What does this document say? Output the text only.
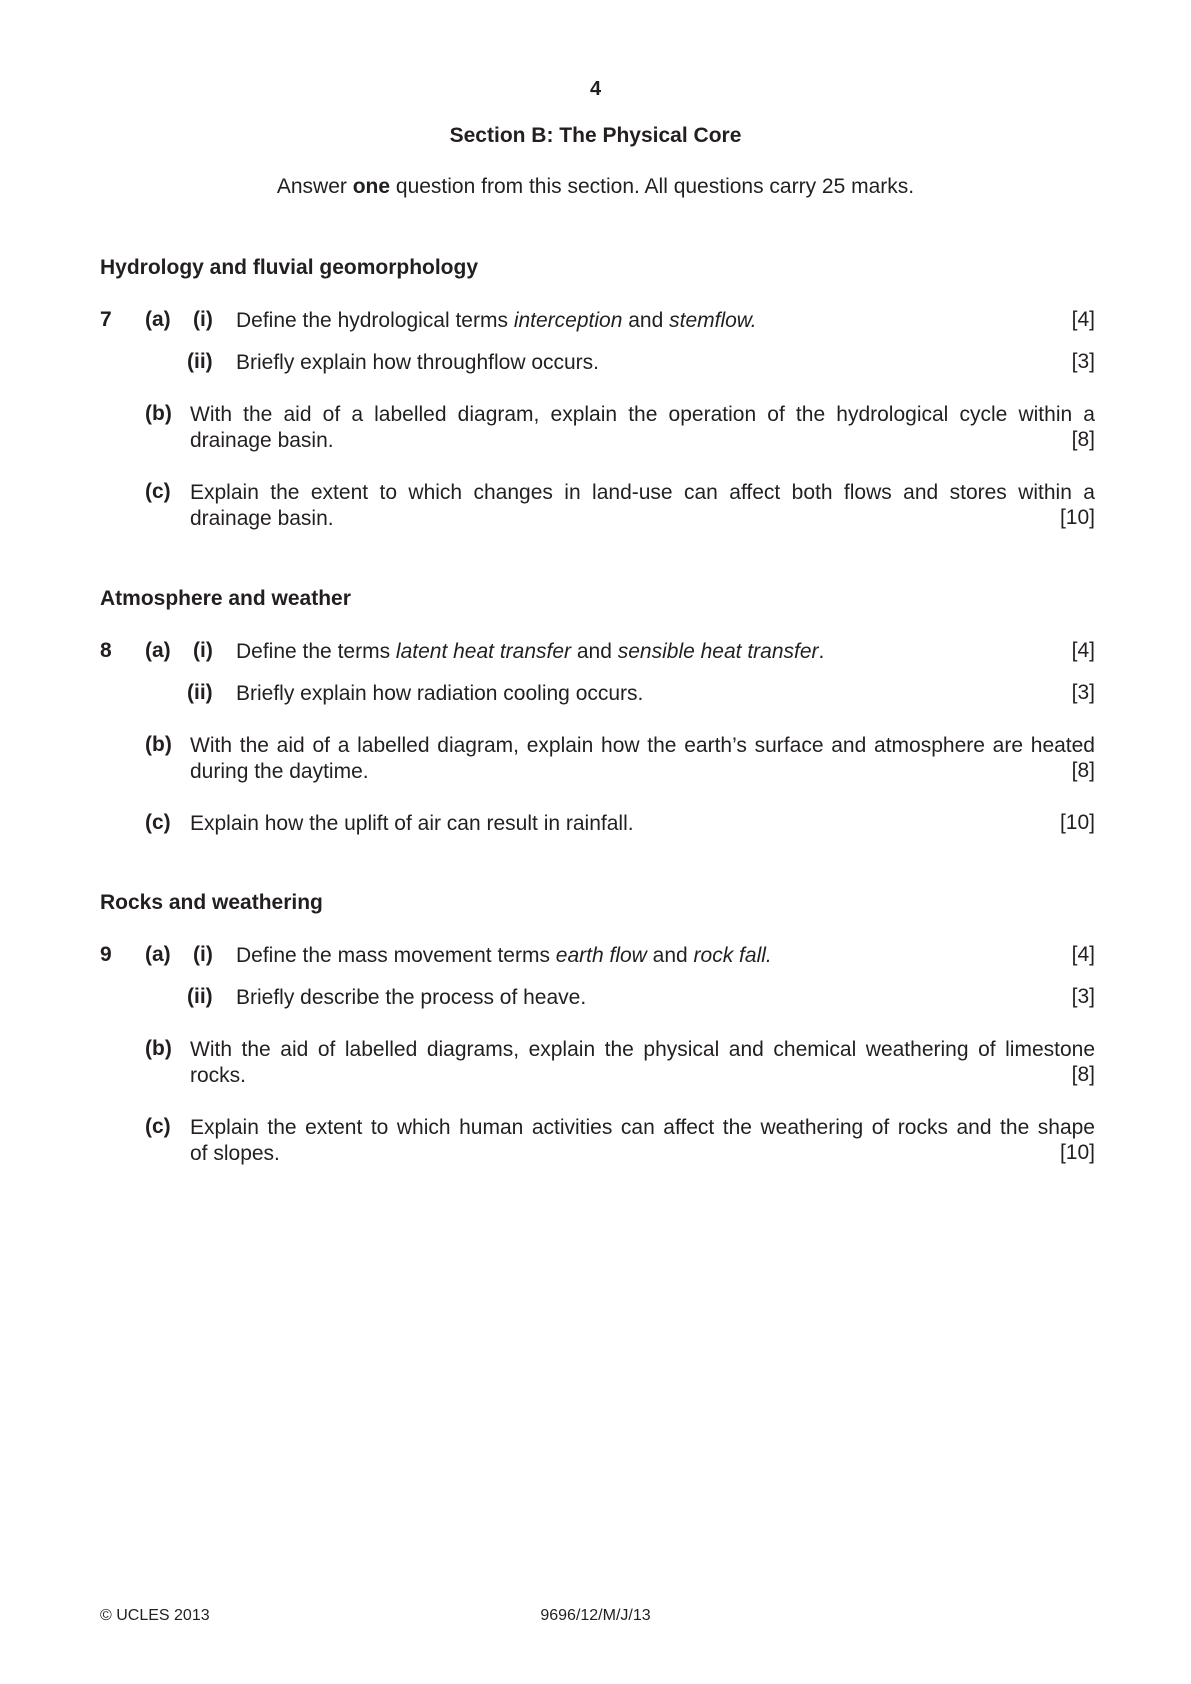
4
Section B: The Physical Core
Answer one question from this section. All questions carry 25 marks.
Hydrology and fluvial geomorphology
7 (a) (i) Define the hydrological terms interception and stemflow.	[4]
(ii) Briefly explain how throughflow occurs.	[3]
(b) With the aid of a labelled diagram, explain the operation of the hydrological cycle within a
drainage basin.	[8]
(c) Explain the extent to which changes in land-use can affect both flows and stores within a
drainage basin.	[10]
Atmosphere and weather
8 (a) (i) Define the terms latent heat transfer and sensible heat transfer.	[4]
(ii) Briefly explain how radiation cooling occurs.	[3]
(b) With the aid of a labelled diagram, explain how the earth’s surface and atmosphere are heated
during the daytime.	[8]
(c) Explain how the uplift of air can result in rainfall.	[10]
Rocks and weathering
9 (a) (i) Define the mass movement terms earth flow and rock fall.	[4]
(ii) Briefly describe the process of heave.	[3]
(b) With the aid of labelled diagrams, explain the physical and chemical weathering of limestone
rocks.	[8]
(c) Explain the extent to which human activities can affect the weathering of rocks and the shape
of slopes.	[10]
© UCLES 2013	9696/12/M/J/13
